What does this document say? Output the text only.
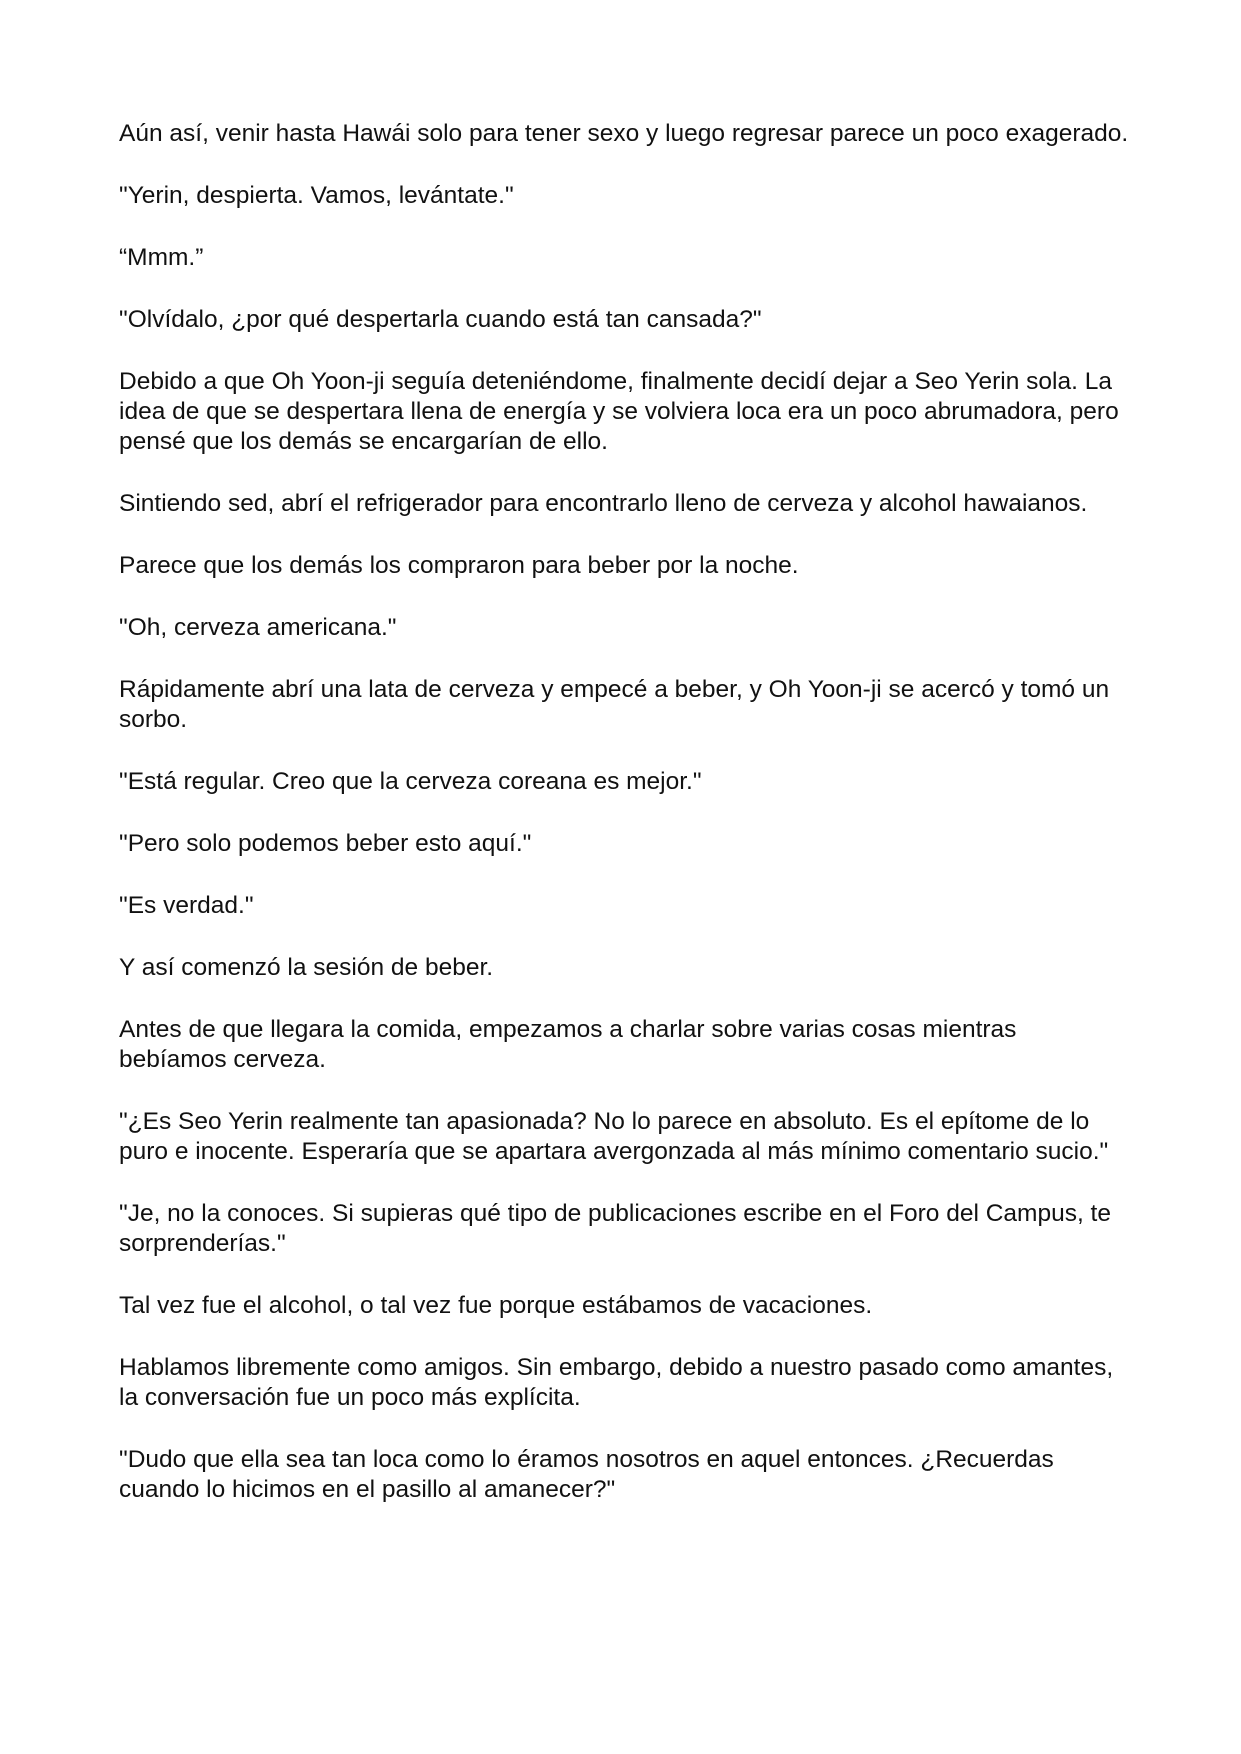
Aún así, venir hasta Hawái solo para tener sexo y luego regresar parece un poco exagerado.

"Yerin, despierta. Vamos, levántate."

“Mmm.”

"Olvídalo, ¿por qué despertarla cuando está tan cansada?"

Debido a que Oh Yoon-ji seguía deteniéndome, finalmente decidí dejar a Seo Yerin sola. La idea de que se despertara llena de energía y se volviera loca era un poco abrumadora, pero pensé que los demás se encargarían de ello.

Sintiendo sed, abrí el refrigerador para encontrarlo lleno de cerveza y alcohol hawaianos.

Parece que los demás los compraron para beber por la noche.

"Oh, cerveza americana."

Rápidamente abrí una lata de cerveza y empecé a beber, y Oh Yoon-ji se acercó y tomó un sorbo.

"Está regular. Creo que la cerveza coreana es mejor."

"Pero solo podemos beber esto aquí."

"Es verdad."

Y así comenzó la sesión de beber.

Antes de que llegara la comida, empezamos a charlar sobre varias cosas mientras bebíamos cerveza.

"¿Es Seo Yerin realmente tan apasionada? No lo parece en absoluto. Es el epítome de lo puro e inocente. Esperaría que se apartara avergonzada al más mínimo comentario sucio."

"Je, no la conoces. Si supieras qué tipo de publicaciones escribe en el Foro del Campus, te sorprenderías."

Tal vez fue el alcohol, o tal vez fue porque estábamos de vacaciones.

Hablamos libremente como amigos. Sin embargo, debido a nuestro pasado como amantes, la conversación fue un poco más explícita.

"Dudo que ella sea tan loca como lo éramos nosotros en aquel entonces. ¿Recuerdas cuando lo hicimos en el pasillo al amanecer?"
